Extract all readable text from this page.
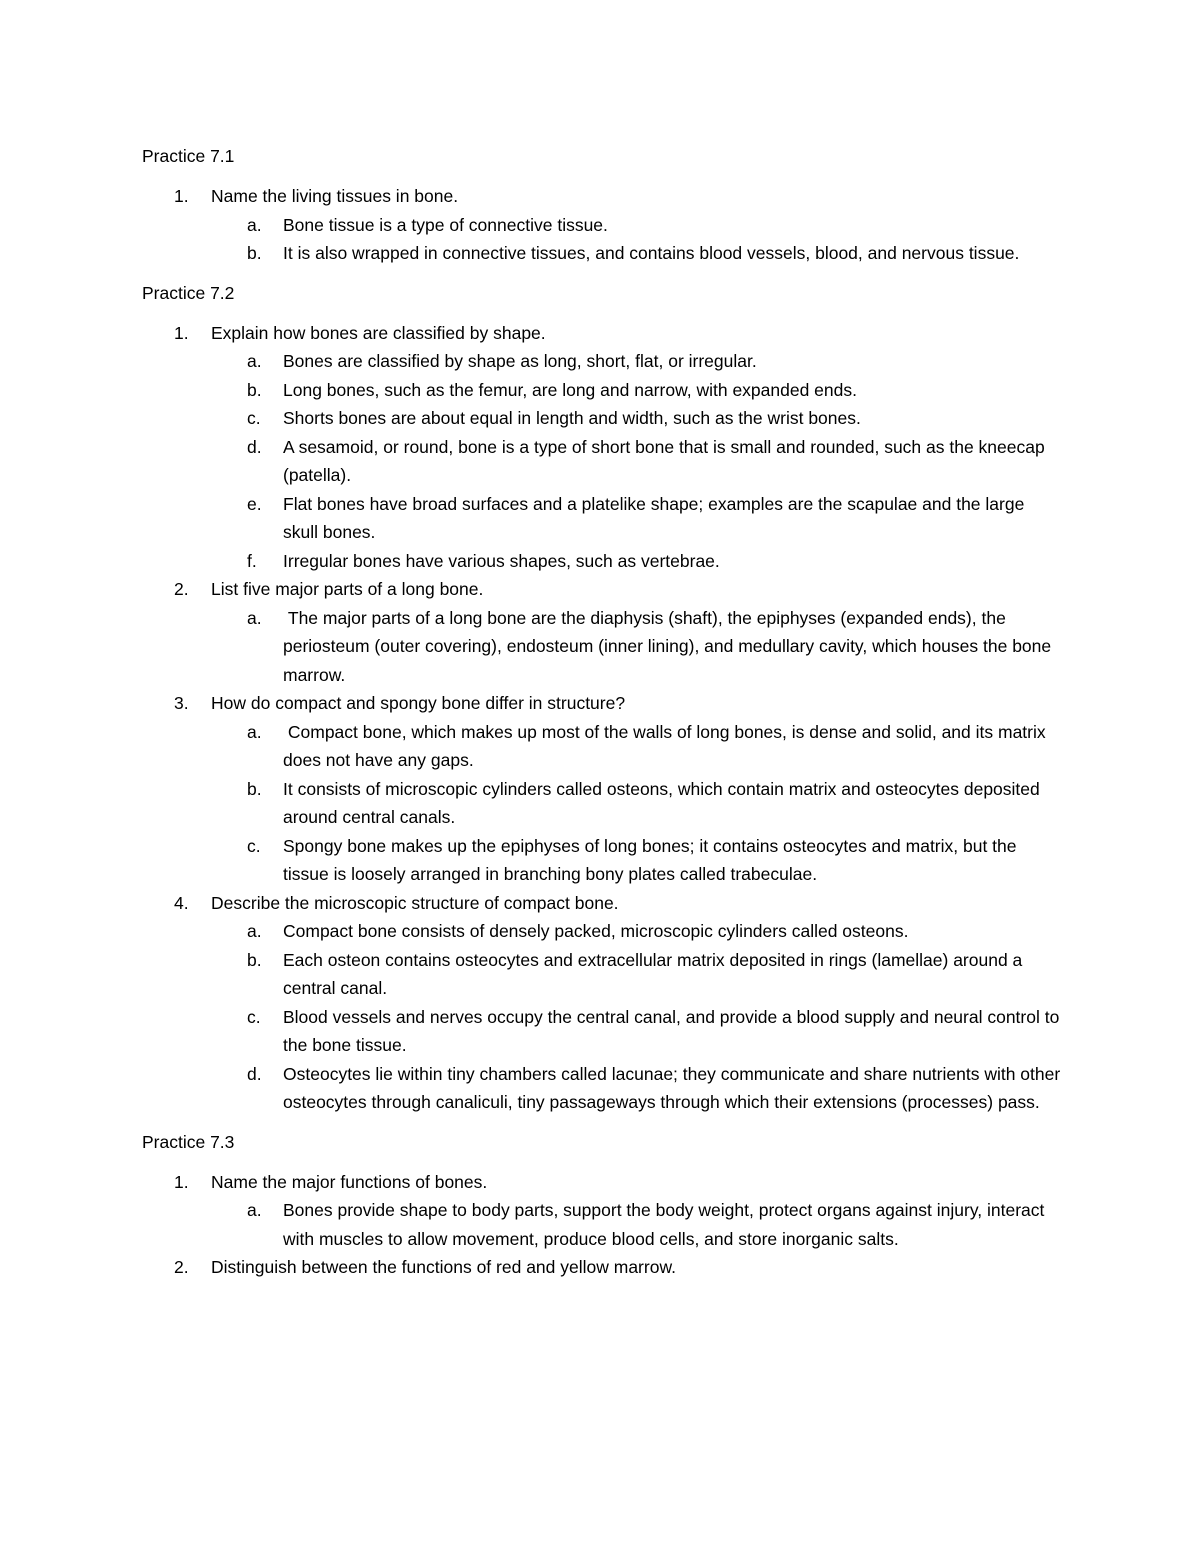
Practice 7.1
1. Name the living tissues in bone.
a. Bone tissue is a type of connective tissue.
b. It is also wrapped in connective tissues, and contains blood vessels, blood, and nervous tissue.
Practice 7.2
1. Explain how bones are classified by shape.
a. Bones are classified by shape as long, short, flat, or irregular.
b. Long bones, such as the femur, are long and narrow, with expanded ends.
c. Shorts bones are about equal in length and width, such as the wrist bones.
d. A sesamoid, or round, bone is a type of short bone that is small and rounded, such as the kneecap (patella).
e. Flat bones have broad surfaces and a platelike shape; examples are the scapulae and the large skull bones.
f. Irregular bones have various shapes, such as vertebrae.
2. List five major parts of a long bone.
a. The major parts of a long bone are the diaphysis (shaft), the epiphyses (expanded ends), the periosteum (outer covering), endosteum (inner lining), and medullary cavity, which houses the bone marrow.
3. How do compact and spongy bone differ in structure?
a. Compact bone, which makes up most of the walls of long bones, is dense and solid, and its matrix does not have any gaps.
b. It consists of microscopic cylinders called osteons, which contain matrix and osteocytes deposited around central canals.
c. Spongy bone makes up the epiphyses of long bones; it contains osteocytes and matrix, but the tissue is loosely arranged in branching bony plates called trabeculae.
4. Describe the microscopic structure of compact bone.
a. Compact bone consists of densely packed, microscopic cylinders called osteons.
b. Each osteon contains osteocytes and extracellular matrix deposited in rings (lamellae) around a central canal.
c. Blood vessels and nerves occupy the central canal, and provide a blood supply and neural control to the bone tissue.
d. Osteocytes lie within tiny chambers called lacunae; they communicate and share nutrients with other osteocytes through canaliculi, tiny passageways through which their extensions (processes) pass.
Practice 7.3
1. Name the major functions of bones.
a. Bones provide shape to body parts, support the body weight, protect organs against injury, interact with muscles to allow movement, produce blood cells, and store inorganic salts.
2. Distinguish between the functions of red and yellow marrow.
